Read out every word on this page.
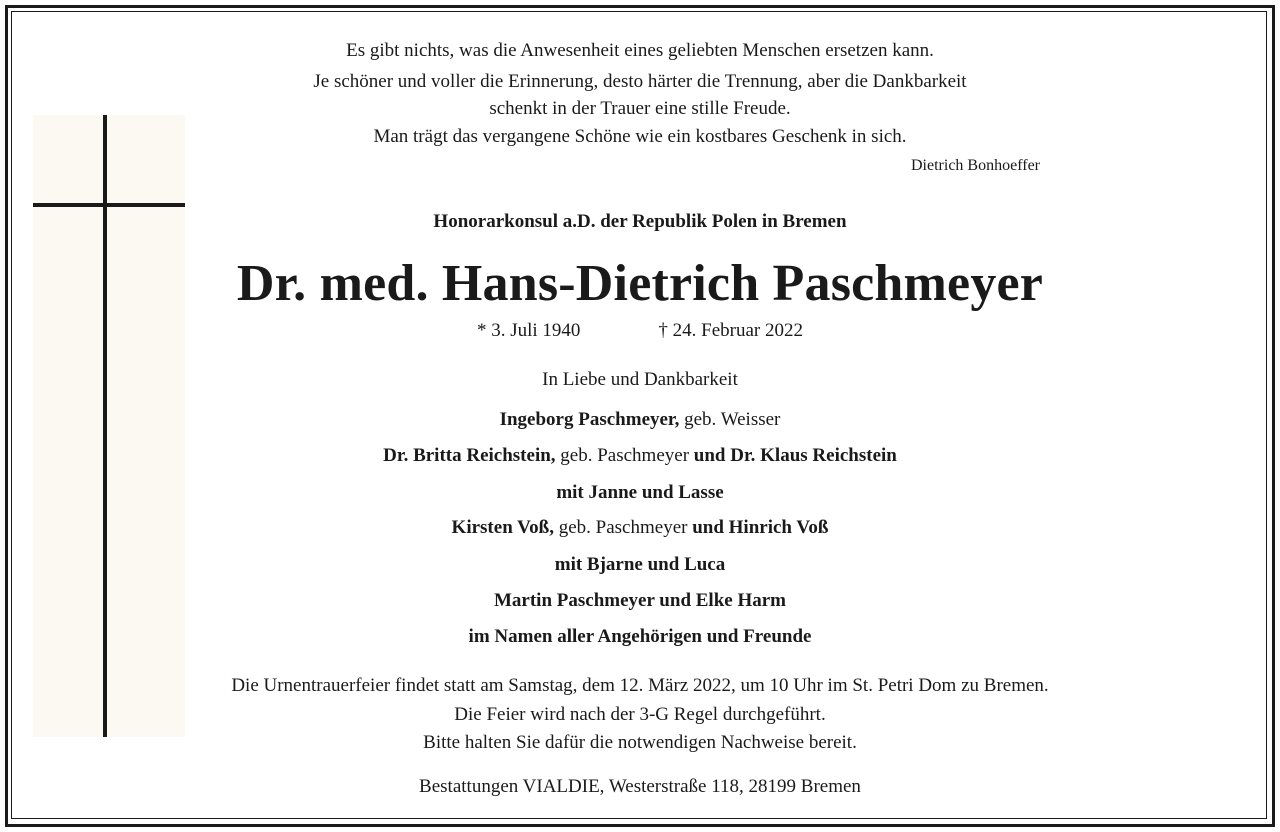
Es gibt nichts, was die Anwesenheit eines geliebten Menschen ersetzen kann.
Je schöner und voller die Erinnerung, desto härter die Trennung, aber die Dankbarkeit
schenkt in der Trauer eine stille Freude.
Man trägt das vergangene Schöne wie ein kostbares Geschenk in sich.
Dietrich Bonhoeffer
Honorarkonsul a.D. der Republik Polen in Bremen
Dr. med. Hans-Dietrich Paschmeyer
* 3. Juli 1940	† 24. Februar 2022
In Liebe und Dankbarkeit
Ingeborg Paschmeyer, geb. Weisser
Dr. Britta Reichstein, geb. Paschmeyer und Dr. Klaus Reichstein
mit Janne und Lasse
Kirsten Voß, geb. Paschmeyer und Hinrich Voß
mit Bjarne und Luca
Martin Paschmeyer und Elke Harm
im Namen aller Angehörigen und Freunde
Die Urnentrauerfeier findet statt am Samstag, dem 12. März 2022, um 10 Uhr im St. Petri Dom zu Bremen.
Die Feier wird nach der 3-G Regel durchgeführt.
Bitte halten Sie dafür die notwendigen Nachweise bereit.
Bestattungen VIALDIE, Westerstraße 118, 28199 Bremen
